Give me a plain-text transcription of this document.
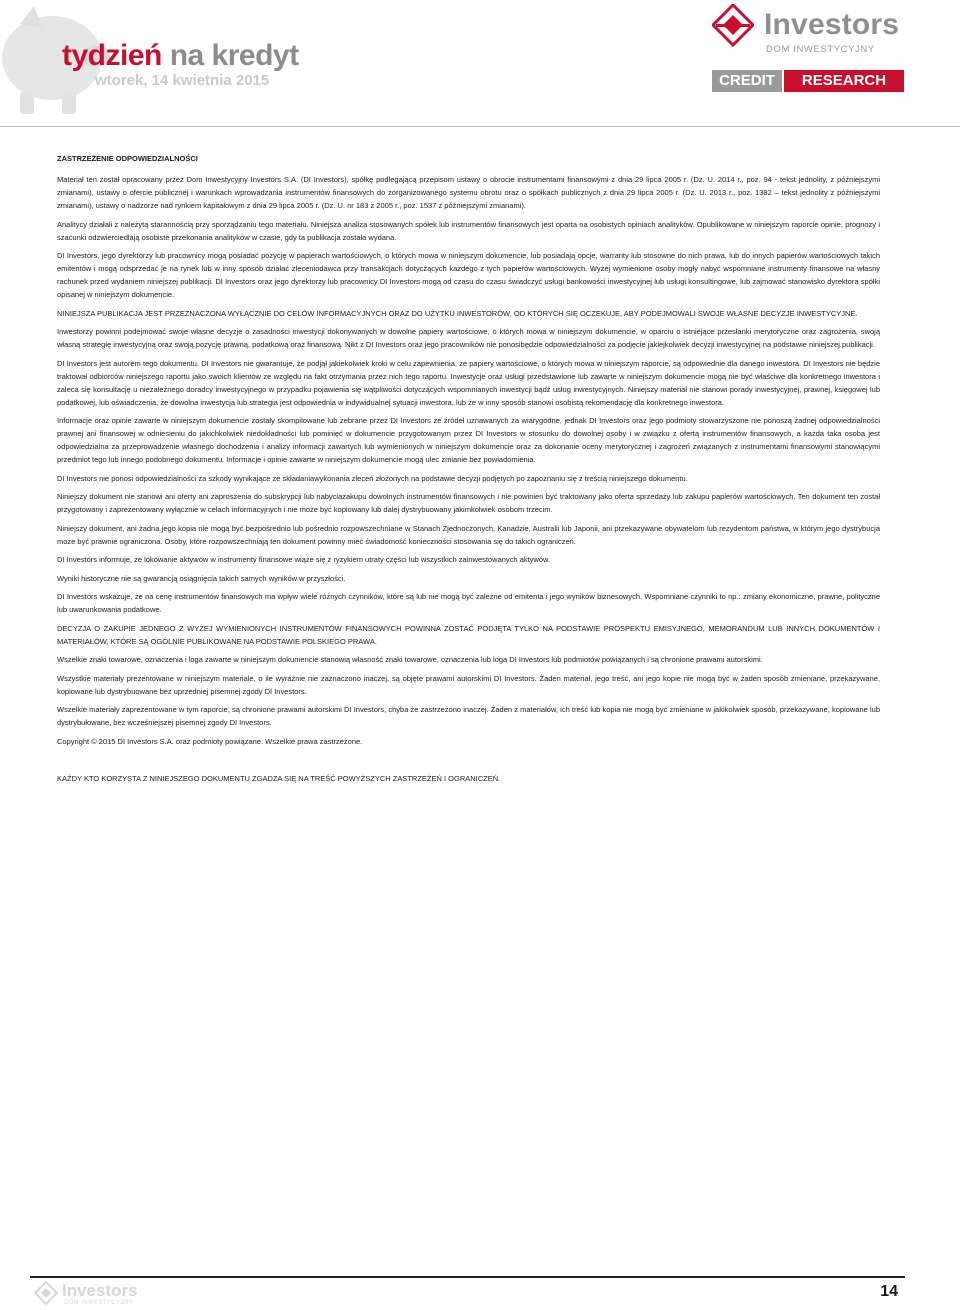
tydzień na kredyt
wtorek, 14 kwietnia 2015
Investors
DOM INWESTYCYJNY
CREDIT	RESEARCH

ZASTRZEŻENIE ODPOWIEDZIALNOŚCI

Materiał ten został opracowany przez Dom Inwestycyjny Investors S.A. (DI Investors), spółkę podlegającą przepisom ustawy o obrocie instrumentami finansowymi z dnia 29 lipca 2005 r. (Dz. U. 2014 r., poz. 94 - tekst jednolity, z późniejszymi zmianami), ustawy o ofercie publicznej i warunkach wprowadzania instrumentów finansowych do zorganizowanego systemu obrotu oraz o spółkach publicznych z dnia 29 lipca 2005 r. (Dz. U. 2013 r., poz. 1382 – tekst jednolity z późniejszymi zmianami), ustawy o nadzorze nad rynkiem kapitałowym z dnia 29 lipca 2005 r. (Dz. U. nr 183 z 2005 r., poz. 1537 z późniejszymi zmianami).

Analitycy działali z należytą starannością przy sporządzaniu tego materiału. Niniejsza analiza stosowanych spółek lub instrumentów finansowych jest oparta na osobistych opiniach analityków. Opublikowane w niniejszym raporcie opinie, prognozy i szacunki odzwierciedlają osobiste przekonania analityków w czasie, gdy ta publikacja została wydana.

DI Investors, jego dyrektorzy lub pracownicy mogą posiadać pozycję w papierach wartościowych, o których mowa w niniejszym dokumencie, lub posiadają opcje, warranty lub stosowne do nich prawa, lub do innych papierów wartościowych takich emitentów i mogą odsprzedać je na rynek lub w inny sposób działać zleceniodawca przy transakcjach dotyczących każdego z tych papierów wartościowych. Wyżej wymienione osoby mogły nabyć wspomniane instrumenty finansowe na własny rachunek przed wydaniem niniejszej publikacji. DI Investors oraz jego dyrektorzy lub pracownicy DI Investors mogą od czasu do czasu świadczyć usługi bankowości inwestycyjnej lub usługi konsultingowe, lub zajmować stanowisko dyrektora spółki opisanej w niniejszym dokumencie.

NINIEJSZA PUBLIKACJA JEST PRZEZNACZONA WYŁĄCZNIE DO CELÓW INFORMACYJNYCH ORAZ DO UŻYTKU INWESTORÓW, OD KTÓRYCH SIĘ OCZEKUJE, ABY PODEJMOWALI SWOJE WŁASNE DECYZJE INWESTYCYJNE.

Inwestorzy powinni podejmować swoje własne decyzje o zasadności inwestycji dokonywanych w dowolne papiery wartościowe, o których mowa w niniejszym dokumencie, w oparciu o istniejące przesłanki merytoryczne oraz zagrożenia, swoją własną strategię inwestycyjną oraz swoją pozycję prawną, podatkową oraz finansową. Nikt z DI Investors oraz jego pracowników nie ponosibędzie odpowiedzialności za podjęcie jakiejkolwiek decyzji inwestycyjnej na podstawie niniejszej publikacji.

DI Investors jest autorem tego dokumentu. DI Investors nie gwarantuje, że podjął jakiekolwiek kroki w celu zapewnienia, że papiery wartościowe, o których mowa w niniejszym raporcie, są odpowiednie dla danego inwestora. DI Investors nie będzie traktował odbiorców niniejszego raportu jako swoich klientów ze względu na fakt otrzymania przez nich tego raportu. Inwestycje oraz usługi przedstawione lub zawarte w niniejszym dokumencie mogą nie być właściwe dla konkretnego inwestora i zaleca się konsultację u niezależnego doradcy inwestycyjnego w przypadku pojawienia się wątpliwości dotyczących wspomnianych inwestycji bądź usług inwestycyjnych. Niniejszy materiał nie stanowi porady inwestycyjnej, prawnej, księgowej lub podatkowej, lub oświadczenia, że dowolna inwestycja lub strategia jest odpowiednia w indywidualnej sytuacji inwestora, lub że w inny sposób stanowi osobistą rekomendację dla konkretnego inwestora.

Informacje oraz opinie zawarte w niniejszym dokumencie zostały skompilowane lub zebrane przez DI Investors ze źródeł uznawanych za wiarygodne, jednak DI Investors oraz jego podmioty stowarzyszone nie ponoszą żadnej odpowiedzialności prawnej ani finansowej w odniesieniu do jakichkolwiek niedokładności lub pominięć w dokumencie przygotowanym przez DI Investors w stosunku do dowolnej osoby i w związku z ofertą instrumentów finansowych, a każda taka osoba jest odpowiedzialna za przeprowadzenie własnego dochodzenia i analizy informacji zawartych lub wymienionych w niniejszym dokumencie oraz za dokonanie oceny merytorycznej i zagrożeń związanych z instrumentami finansowymi stanowiącymi przedmiot tego lub innego podobnego dokumentu. Informacje i opinie zawarte w niniejszym dokumencie mogą ulec zmianie bez powiadomienia.

DI Investors nie ponosi odpowiedzialności za szkody wynikające ze składaniawykonania zleceń złożonych na podstawie decyzji podjętych po zapoznaniu się z treścią niniejszego dokumentu.

Niniejszy dokument nie stanowi ani oferty ani zaproszenia do subskrypcji lub nabyciazakupu dowolnych instrumentów finansowych i nie powinien być traktowany jako oferta sprzedaży lub zakupu papierów wartościowych. Ten dokument ten został przygotowany i zaprezentowany wyłącznie w celach informacyjnych i nie może być kopiowany lub dalej dystrybuowany jakimkolwiek osobom trzecim.

Niniejszy dokument, ani żadna jego kopia nie mogą być bezpośrednio lub pośrednio rozpowszechniane w Stanach Zjednoczonych, Kanadzie, Australii lub Japonii, ani przekazywane obywatelom lub rezydentom państwa, w którym jego dystrybucja może być prawnie ograniczona. Osoby, które rozpowszechniają ten dokument powinny mieć świadomość konieczności stosowania się do takich ograniczeń.

DI Investors informuje, że lokowanie aktywów w instrumenty finansowe wiąże się z ryzykiem utraty części lub wszystkich zainwestowanych aktywów.

Wyniki historyczne nie są gwarancją osiągnięcia takich samych wyników w przyszłości.

DI Investors wskazuje, że na cenę instrumentów finansowych ma wpływ wiele różnych czynników, które są lub nie mogą być zależne od emitenta i jego wyników biznesowych. Wspomniane czynniki to np.: zmiany ekonomiczne, prawne, polityczne lub uwarunkowania podatkowe.

DECYZJA O ZAKUPIE JEDNEGO Z WYŻEJ WYMIENIONYCH INSTRUMENTÓW FINANSOWYCH POWINNA ZOSTAĆ PODJĘTA TYLKO NA PODSTAWIE PROSPEKTU EMISYJNEGO, MEMORANDUM LUB INNYCH DOKUMENTÓW I MATERIAŁÓW, KTÓRE SĄ OGÓLNIE PUBLIKOWANE NA PODSTAWIE POLSKIEGO PRAWA.

Wszelkie znaki towarowe, oznaczenia i loga zawarte w niniejszym dokumencie stanowią własność znaki towarowe, oznaczenia lub loga DI Investors lub podmiotów powiązanych i są chronione prawami autorskimi.

Wszystkie materiały prezentowane w niniejszym materiale, o ile wyraźnie nie zaznaczono inaczej, są objęte prawami autorskimi DI Investors. Żaden materiał, jego treść, ani jego kopie nie mogą być w żaden sposób zmieniane, przekazywane, kopiowane lub dystrybuowane bez uprzedniej pisemnej zgody DI Investors.

Wszelkie materiały zaprezentowane w tym raporcie, są chronione prawami autorskimi DI Investors, chyba że zastrzeżono inaczej. Żaden z materiałów, ich treść lub kopia nie mogą być zmieniane w jakikolwiek sposób, przekazywane, kopiowane lub dystrybułowane, bez wcześniejszej pisemnej zgody DI Investors.

Copyright © 2015 DI Investors S.A. oraz podmioty powiązane. Wszelkie prawa zastrzeżone.

KAŻDY KTO KORZYSTA Z NINIEJSZEGO DOKUMENTU ZGADZA SIĘ NA TREŚĆ POWYŻSZYCH ZASTRZEŻEŃ I OGRANICZEŃ.

Investors
DOM INWESTYCYJNY
14
